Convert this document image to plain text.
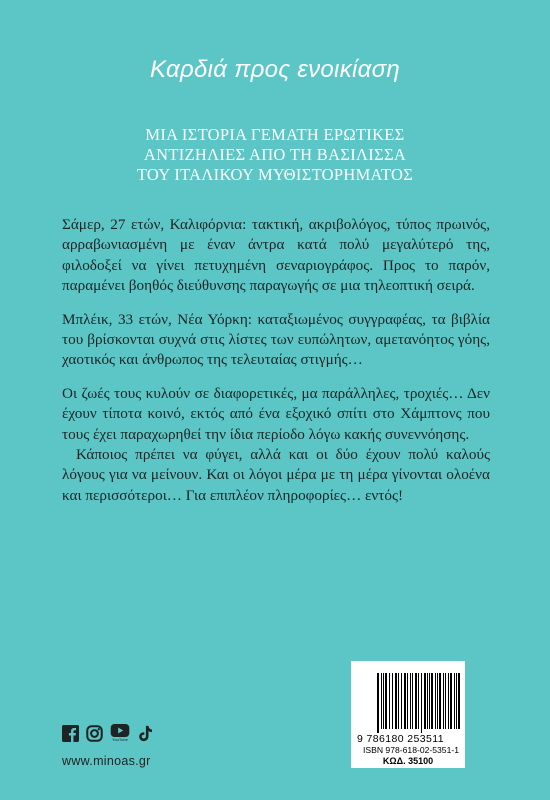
Καρδιά προς ενοικίαση
ΜΙΑ ΙΣΤΟΡΙΑ ΓΕΜΑΤΗ ΕΡΩΤΙΚΕΣ
ΑΝΤΙΖΗΛΙΕΣ ΑΠΟ ΤΗ ΒΑΣΙΛΙΣΣΑ
ΤΟΥ ΙΤΑΛΙΚΟΥ ΜΥΘΙΣΤΟΡΗΜΑΤΟΣ

Σάμερ, 27 ετών, Καλιφόρνια: τακτική, ακριβολόγος, τύπος πρωινός, αρραβωνιασμένη με έναν άντρα κατά πολύ μεγαλύτερό της, φιλοδοξεί να γίνει πετυχημένη σεναριογράφος. Προς το παρόν, παραμένει βοηθός διεύθυνσης παραγωγής σε μια τηλεοπτική σειρά.

Μπλέικ, 33 ετών, Νέα Υόρκη: καταξιωμένος συγγραφέας, τα βιβλία του βρίσκονται συχνά στις λίστες των ευπώλητων, αμετανόητος γόης, χαοτικός και άνθρωπος της τελευταίας στιγμής…

Οι ζωές τους κυλούν σε διαφορετικές, μα παράλληλες, τροχιές… Δεν έχουν τίποτα κοινό, εκτός από ένα εξοχικό σπίτι στο Χάμπτονς που τους έχει παραχωρηθεί την ίδια περίοδο λόγω κακής συνεννόησης.

Κάποιος πρέπει να φύγει, αλλά και οι δύο έχουν πολύ καλούς λόγους για να μείνουν. Και οι λόγοι μέρα με τη μέρα γίνονται ολοένα και περισσότεροι… Για επιπλέον πληροφορίες… εντός!

YouTube
www.minoas.gr
9 786180 253511
ISBN 978-618-02-5351-1
ΚΩΔ. 35100
